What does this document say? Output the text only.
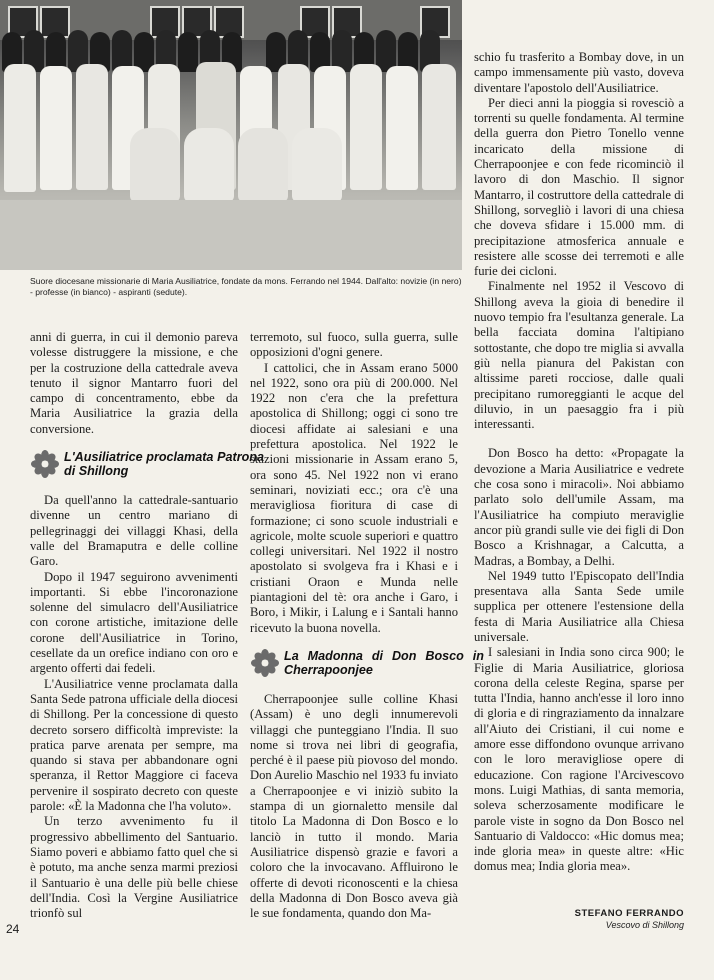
Suore diocesane missionarie di Maria Ausiliatrice, fondate da mons. Ferrando nel 1944. Dall'alto: novizie (in nero) - professe (in bianco) - aspiranti (sedute).

anni di guerra, in cui il demonio pareva volesse distruggere la missione, e che per la costruzione della cattedrale aveva tenuto il signor Mantarro fuori del campo di concentramento, ebbe da Maria Ausiliatrice la grazia della conversione.

L'Ausiliatrice proclamata Patrona di Shillong

Da quell'anno la cattedrale-santuario divenne un centro mariano di pellegrinaggi dei villaggi Khasi, della valle del Bramaputra e delle colline Garo.

Dopo il 1947 seguirono avvenimenti importanti. Si ebbe l'incoronazione solenne del simulacro dell'Ausiliatrice con corone artistiche, imitazione delle corone dell'Ausiliatrice in Torino, cesellate da un orefice indiano con oro e argento offerti dai fedeli.

L'Ausiliatrice venne proclamata dalla Santa Sede patrona ufficiale della diocesi di Shillong. Per la concessione di questo decreto sorsero difficoltà impreviste: la pratica parve arenata per sempre, ma quando si stava per abbandonare ogni speranza, il Rettor Maggiore ci faceva pervenire il sospirato decreto con queste parole: «È la Madonna che l'ha voluto».

Un terzo avvenimento fu il progressivo abbellimento del Santuario. Siamo poveri e abbiamo fatto quel che si è potuto, ma anche senza marmi preziosi il Santuario è una delle più belle chiese dell'India. Così la Vergine Ausiliatrice trionfò sul

terremoto, sul fuoco, sulla guerra, sulle opposizioni d'ogni genere.

I cattolici, che in Assam erano 5000 nel 1922, sono ora più di 200.000. Nel 1922 non c'era che la prefettura apostolica di Shillong; oggi ci sono tre diocesi affidate ai salesiani e una prefettura apostolica. Nel 1922 le stazioni missionarie in Assam erano 5, ora sono 45. Nel 1922 non vi erano seminari, noviziati ecc.; ora c'è una meravigliosa fioritura di case di formazione; ci sono scuole industriali e agricole, molte scuole superiori e quattro collegi universitari. Nel 1922 il nostro apostolato si svolgeva fra i Khasi e i cristiani Oraon e Munda nelle piantagioni del tè: ora anche i Garo, i Boro, i Mikir, i Lalung e i Santali hanno ricevuto la buona novella.

La Madonna di Don Bosco in Cherrapoonjee

Cherrapoonjee sulle colline Khasi (Assam) è uno degli innumerevoli villaggi che punteggiano l'India. Il suo nome si trova nei libri di geografia, perché è il paese più piovoso del mondo. Don Aurelio Maschio nel 1933 fu inviato a Cherrapoonjee e vi iniziò subito la stampa di un giornaletto mensile dal titolo La Madonna di Don Bosco e lo lanciò in tutto il mondo. Maria Ausiliatrice dispensò grazie e favori a coloro che la invocavano. Affluirono le offerte di devoti riconoscenti e la chiesa della Madonna di Don Bosco aveva già le sue fondamenta, quando don Ma-

schio fu trasferito a Bombay dove, in un campo immensamente più vasto, doveva diventare l'apostolo dell'Ausiliatrice.

Per dieci anni la pioggia si rovesciò a torrenti su quelle fondamenta. Al termine della guerra don Pietro Tonello venne incaricato della missione di Cherrapoonjee e con fede ricominciò il lavoro di don Maschio. Il signor Mantarro, il costruttore della cattedrale di Shillong, sorvegliò i lavori di una chiesa che doveva sfidare i 15.000 mm. di precipitazione atmosferica annuale e resistere alle scosse dei terremoti e alle furie dei cicloni.

Finalmente nel 1952 il Vescovo di Shillong aveva la gioia di benedire il nuovo tempio fra l'esultanza generale. La bella facciata domina l'altipiano sottostante, che dopo tre miglia si avvalla giù nella pianura del Pakistan con altissime pareti rocciose, dalle quali precipitano rumoreggianti le acque del diluvio, in un paesaggio fra i più interessanti.

Don Bosco ha detto: «Propagate la devozione a Maria Ausiliatrice e vedrete che cosa sono i miracoli». Noi abbiamo parlato solo dell'umile Assam, ma l'Ausiliatrice ha compiuto meraviglie ancor più grandi sulle vie dei figli di Don Bosco a Krishnagar, a Calcutta, a Madras, a Bombay, a Delhi.

Nel 1949 tutto l'Episcopato dell'India presentava alla Santa Sede umile supplica per ottenere l'estensione della festa di Maria Ausiliatrice alla Chiesa universale.

I salesiani in India sono circa 900; le Figlie di Maria Ausiliatrice, gloriosa corona della celeste Regina, sparse per tutta l'India, hanno anch'esse il loro inno di gloria e di ringraziamento da innalzare all'Aiuto dei Cristiani, il cui nome e amore esse diffondono ovunque arrivano con le loro meravigliose opere di educazione. Con ragione l'Arcivescovo mons. Luigi Mathias, di santa memoria, soleva scherzosamente modificare le parole viste in sogno da Don Bosco nel Santuario di Valdocco: «Hic domus mea; inde gloria mea» in queste altre: «Hic domus mea; India gloria mea».

STEFANO FERRANDO
Vescovo di Shillong
24
